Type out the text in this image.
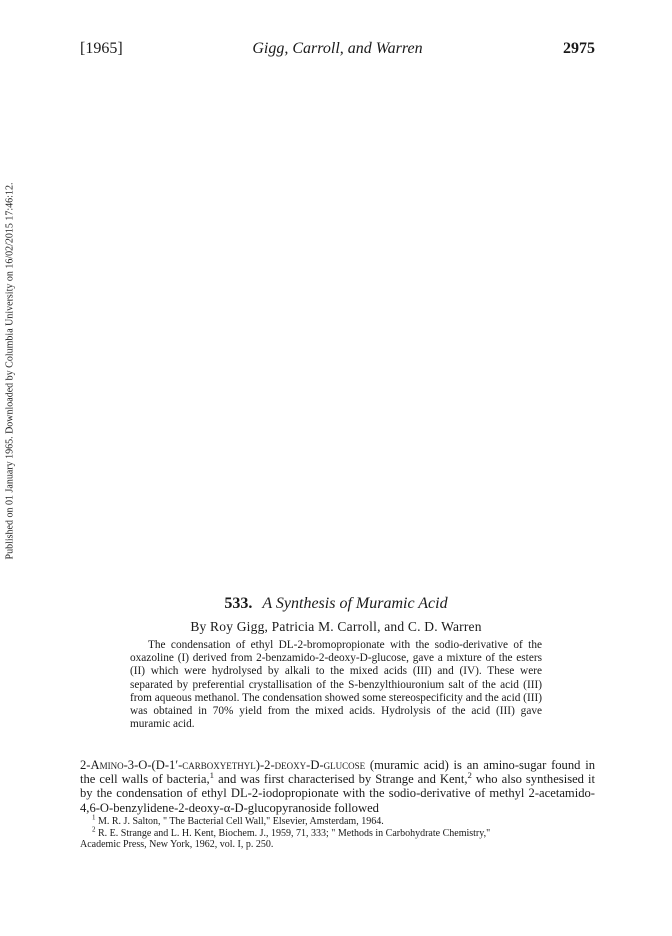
[1965]	Gigg, Carroll, and Warren	2975
Published on 01 January 1965. Downloaded by Columbia University on 16/02/2015 17:46:12.
533. A Synthesis of Muramic Acid
By Roy Gigg, Patricia M. Carroll, and C. D. Warren

The condensation of ethyl DL-2-bromopropionate with the sodio-derivative of the oxazoline (I) derived from 2-benzamido-2-deoxy-D-glucose, gave a mixture of the esters (II) which were hydrolysed by alkali to the mixed acids (III) and (IV). These were separated by preferential crystallisation of the S-benzylthiouronium salt of the acid (III) from aqueous methanol. The condensation showed some stereospecificity and the acid (III) was obtained in 70% yield from the mixed acids. Hydrolysis of the acid (III) gave muramic acid.

2-Amino-3-O-(D-1′-carboxyethyl)-2-deoxy-D-glucose (muramic acid) is an amino-sugar found in the cell walls of bacteria,$^1$ and was first characterised by Strange and Kent,$^2$ who also synthesised it by the condensation of ethyl DL-2-iodopropionate with the sodio-derivative of methyl 2-acetamido-4,6-O-benzylidene-2-deoxy-α-D-glucopyranoside followed

$^1$ M. R. J. Salton, " The Bacterial Cell Wall," Elsevier, Amsterdam, 1964.

$^2$ R. E. Strange and L. H. Kent, Biochem. J., 1959, 71, 333; " Methods in Carbohydrate Chemistry,"

Academic Press, New York, 1962, vol. I, p. 250.
